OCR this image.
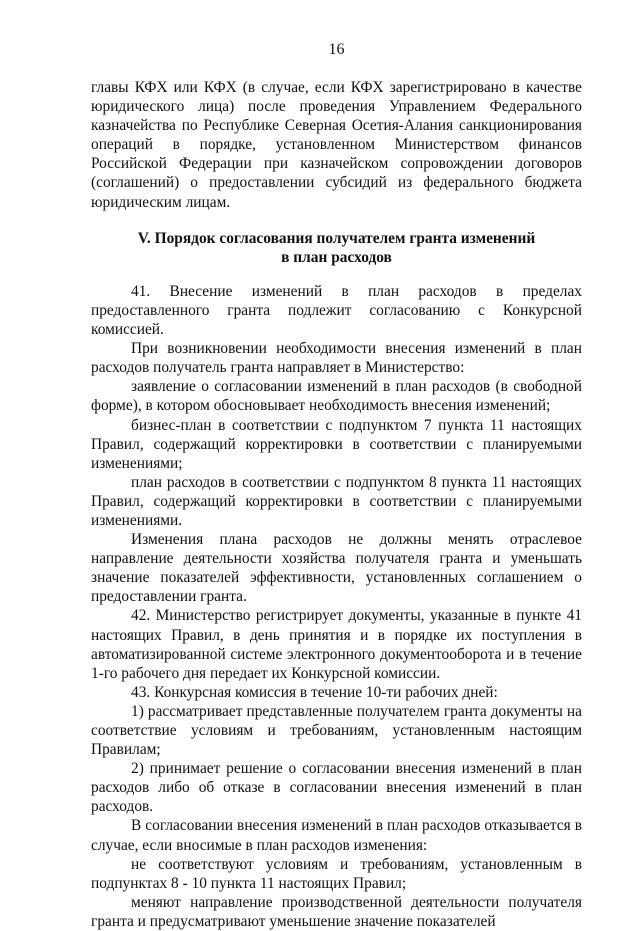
16

главы КФХ или КФХ (в случае, если КФХ зарегистрировано в качестве юридического лица) после проведения Управлением Федерального казначейства по Республике Северная Осетия-Алания санкционирования операций в порядке, установленном Министерством финансов Российской Федерации при казначейском сопровождении договоров (соглашений) о предоставлении субсидий из федерального бюджета юридическим лицам.

V. Порядок согласования получателем гранта изменений
в план расходов

41. Внесение изменений в план расходов в пределах предоставленного гранта подлежит согласованию с Конкурсной комиссией.

При возникновении необходимости внесения изменений в план расходов получатель гранта направляет в Министерство:

заявление о согласовании изменений в план расходов (в свободной форме), в котором обосновывает необходимость внесения изменений;

бизнес-план в соответствии с подпунктом 7 пункта 11 настоящих Правил, содержащий корректировки в соответствии с планируемыми изменениями;

план расходов в соответствии с подпунктом 8 пункта 11 настоящих Правил, содержащий корректировки в соответствии с планируемыми изменениями.

Изменения плана расходов не должны менять отраслевое направление деятельности хозяйства получателя гранта и уменьшать значение показателей эффективности, установленных соглашением о предоставлении гранта.

42. Министерство регистрирует документы, указанные в пункте 41 настоящих Правил, в день принятия и в порядке их поступления в автоматизированной системе электронного документооборота и в течение 1-го рабочего дня передает их Конкурсной комиссии.

43. Конкурсная комиссия в течение 10-ти рабочих дней:

1) рассматривает представленные получателем гранта документы на соответствие условиям и требованиям, установленным настоящим Правилам;

2) принимает решение о согласовании внесения изменений в план расходов либо об отказе в согласовании внесения изменений в план расходов.

В согласовании внесения изменений в план расходов отказывается в случае, если вносимые в план расходов изменения:

не соответствуют условиям и требованиям, установленным в подпунктах 8 - 10 пункта 11 настоящих Правил;

меняют направление производственной деятельности получателя гранта и предусматривают уменьшение значение показателей
